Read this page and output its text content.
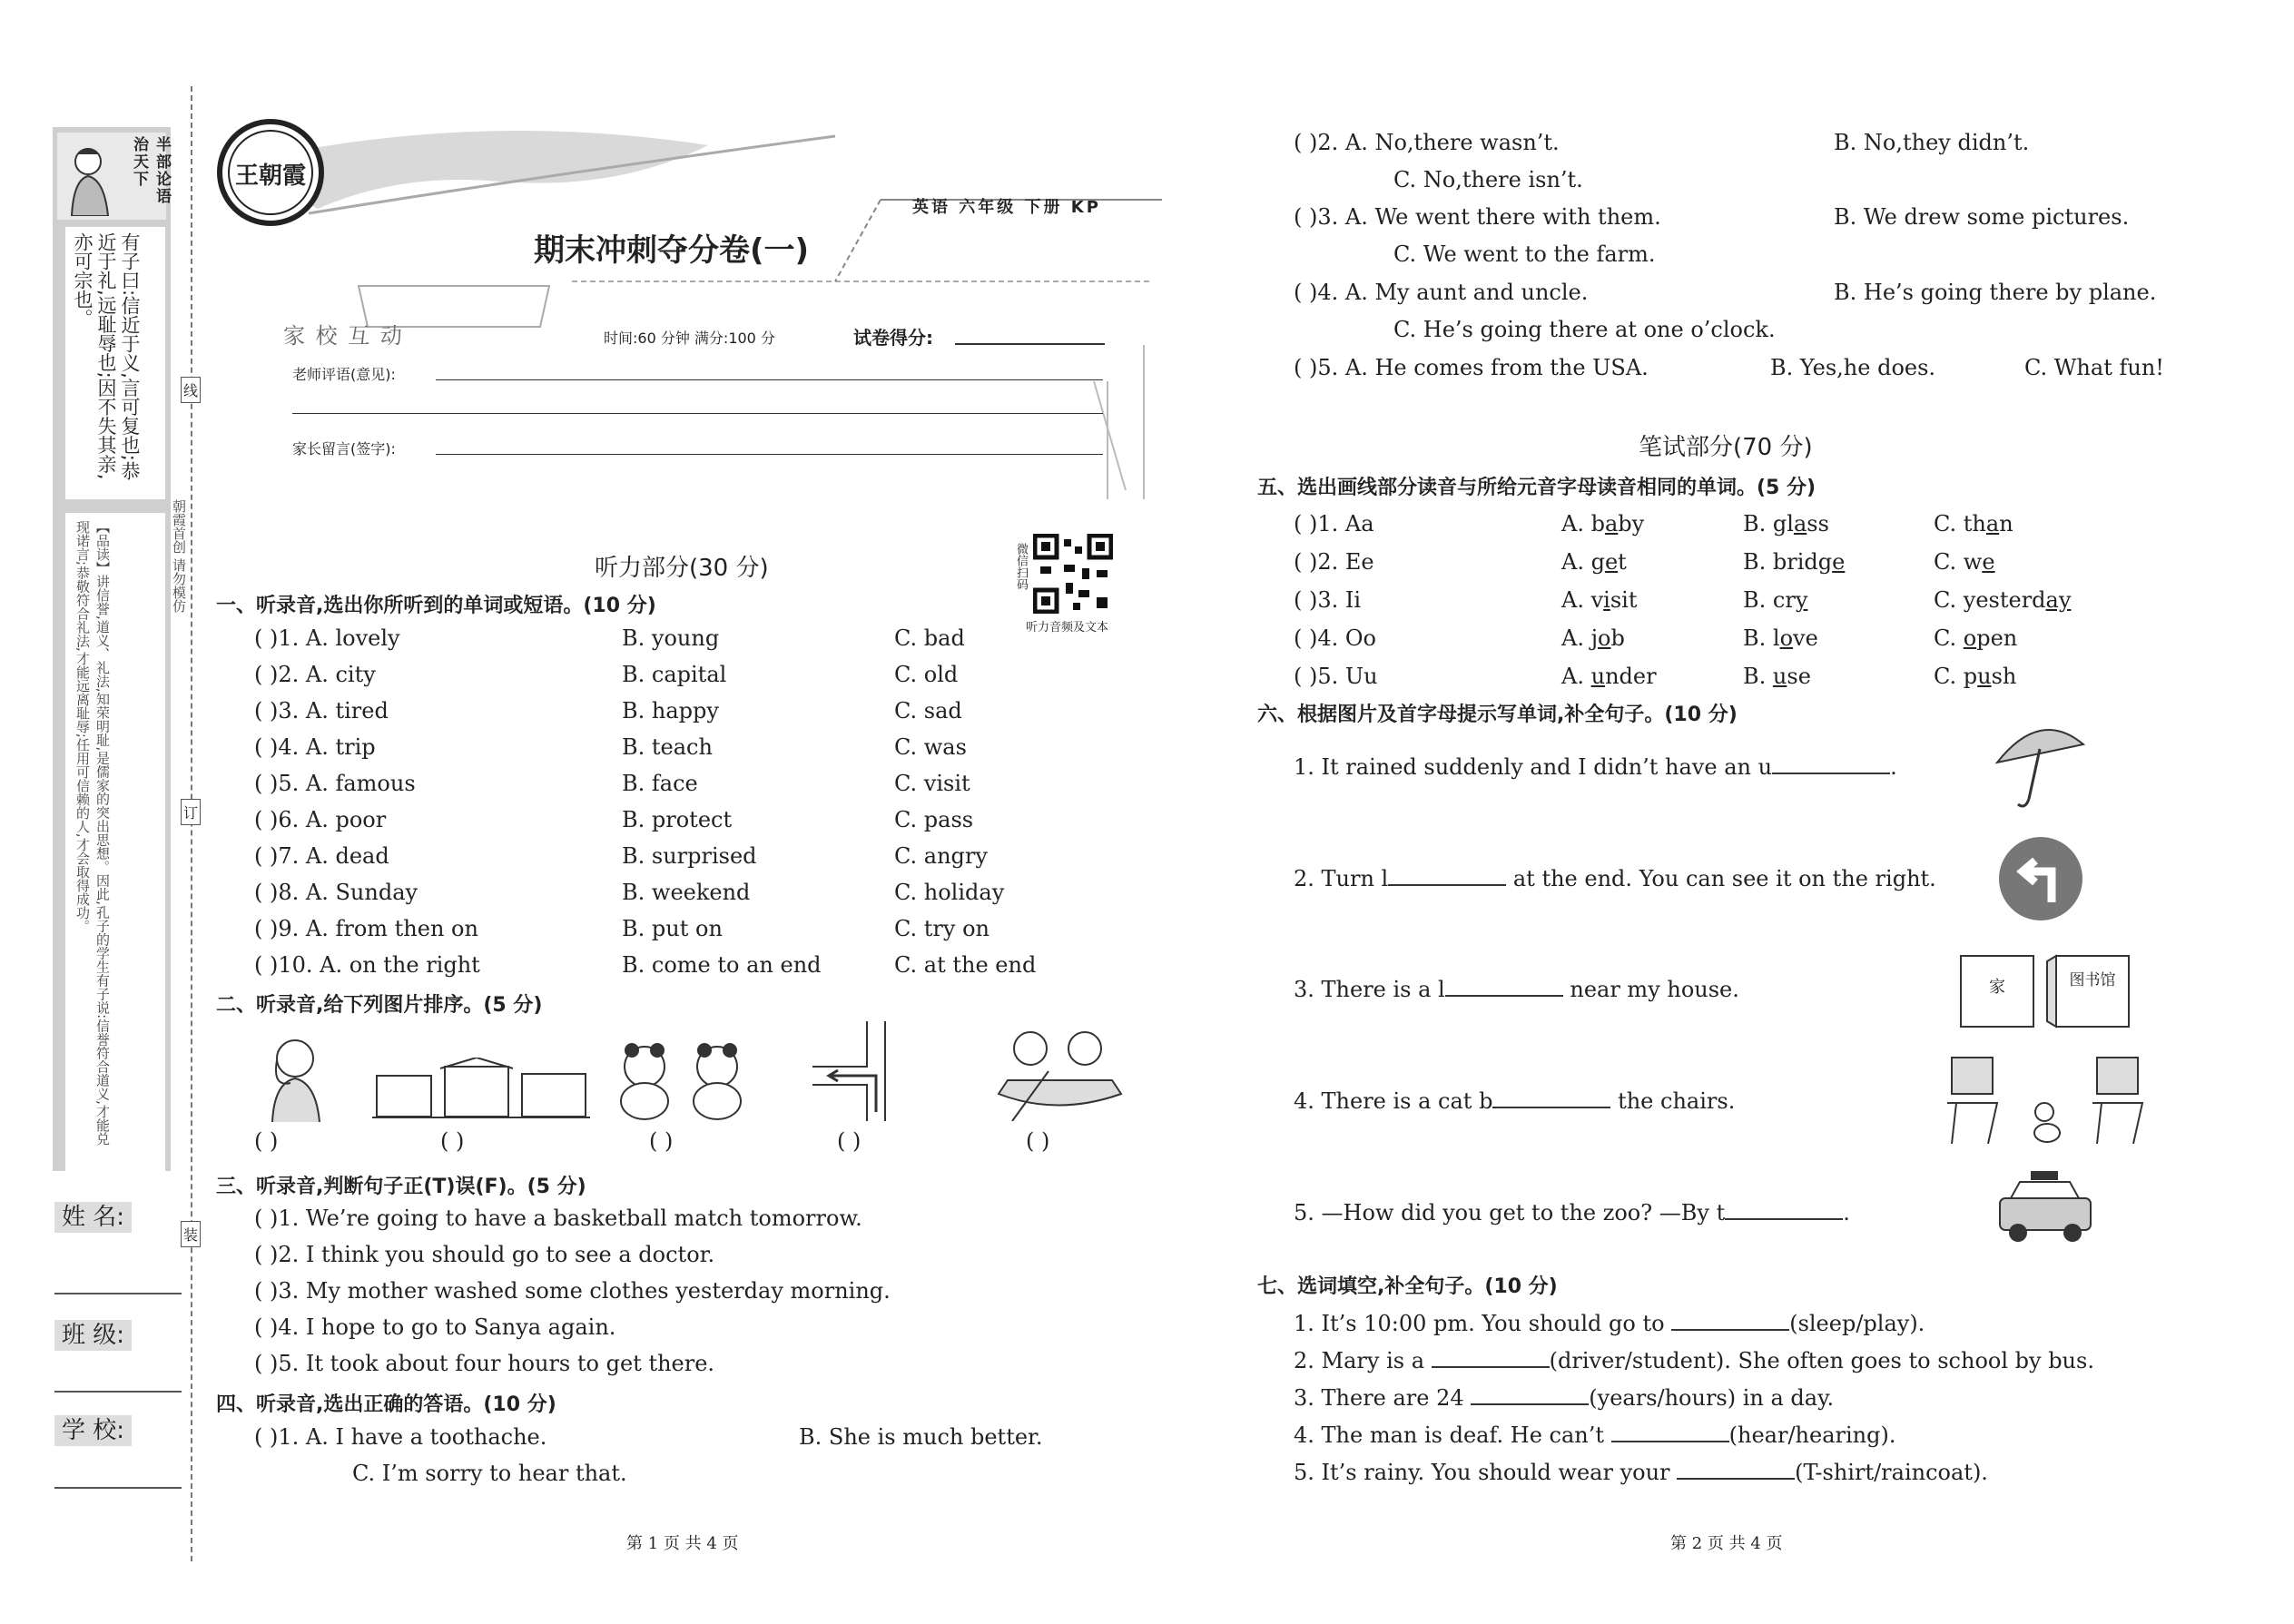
半部论语治天下
有子曰:信近于义,言可复也;恭近于礼,远耻辱也;因不失其亲,亦可宗也。
【品读】讲信誉,道义、礼法,知荣明耻,是儒家的突出思想。因此,孔子的学生有子说:信誉符合道义,才能兑现诺言;恭敬符合礼法,才能远离耻辱;任用可信赖的人,才会取得成功。
姓 名:
班 级:
学 校:
线
订
装
朝霞首创 请勿模仿
王朝霞
英语 六年级 下册 KP
期末冲刺夺分卷(一)
家 校 互 动	时间:60 分钟 满分:100 分	试卷得分:
老师评语(意见):
家长留言(签字):
微信扫码
听力音频及文本
听力部分(30 分)
一、听录音,选出你所听到的单词或短语。(10 分)
( )1. A. lovely	B. young	C. bad
( )2. A. city	B. capital	C. old
( )3. A. tired	B. happy	C. sad
( )4. A. trip	B. teach	C. was
( )5. A. famous	B. face	C. visit
( )6. A. poor	B. protect	C. pass
( )7. A. dead	B. surprised	C. angry
( )8. A. Sunday	B. weekend	C. holiday
( )9. A. from then on	B. put on	C. try on
( )10. A. on the right	B. come to an end	C. at the end
二、听录音,给下列图片排序。(5 分)
( )	( )	( )	( )	( )
三、听录音,判断句子正(T)误(F)。(5 分)
( )1. We’re going to have a basketball match tomorrow.
( )2. I think you should go to see a doctor.
( )3. My mother washed some clothes yesterday morning.
( )4. I hope to go to Sanya again.
( )5. It took about four hours to get there.
四、听录音,选出正确的答语。(10 分)
( )1. A. I have a toothache.	B. She is much better.
C. I’m sorry to hear that.
第 1 页 共 4 页
( )2. A. No,there wasn’t.	B. No,they didn’t.
C. No,there isn’t.
( )3. A. We went there with them.	B. We drew some pictures.
C. We went to the farm.
( )4. A. My aunt and uncle.	B. He’s going there by plane.
C. He’s going there at one o’clock.
( )5. A. He comes from the USA.	B. Yes,he does.	C. What fun!
笔试部分(70 分)
五、选出画线部分读音与所给元音字母读音相同的单词。(5 分)
( )1. Aa	A. baby	B. glass	C. than
( )2. Ee	A. get	B. bridge	C. we
( )3. Ii	A. visit	B. cry	C. yesterday
( )4. Oo	A. job	B. love	C. open
( )5. Uu	A. under	B. use	C. push
六、根据图片及首字母提示写单词,补全句子。(10 分)
1. It rained suddenly and I didn’t have an u	.
2. Turn l	at the end. You can see it on the right.
3. There is a l	near my house.
4. There is a cat b	the chairs.
5. —How did you get to the zoo? —By t	.
家	图书馆
七、选词填空,补全句子。(10 分)
1. It’s 10:00 pm. You should go to	(sleep/play).
2. Mary is a	(driver/student). She often goes to school by bus.
3. There are 24	(years/hours) in a day.
4. The man is deaf. He can’t	(hear/hearing).
5. It’s rainy. You should wear your	(T-shirt/raincoat).
第 2 页 共 4 页
